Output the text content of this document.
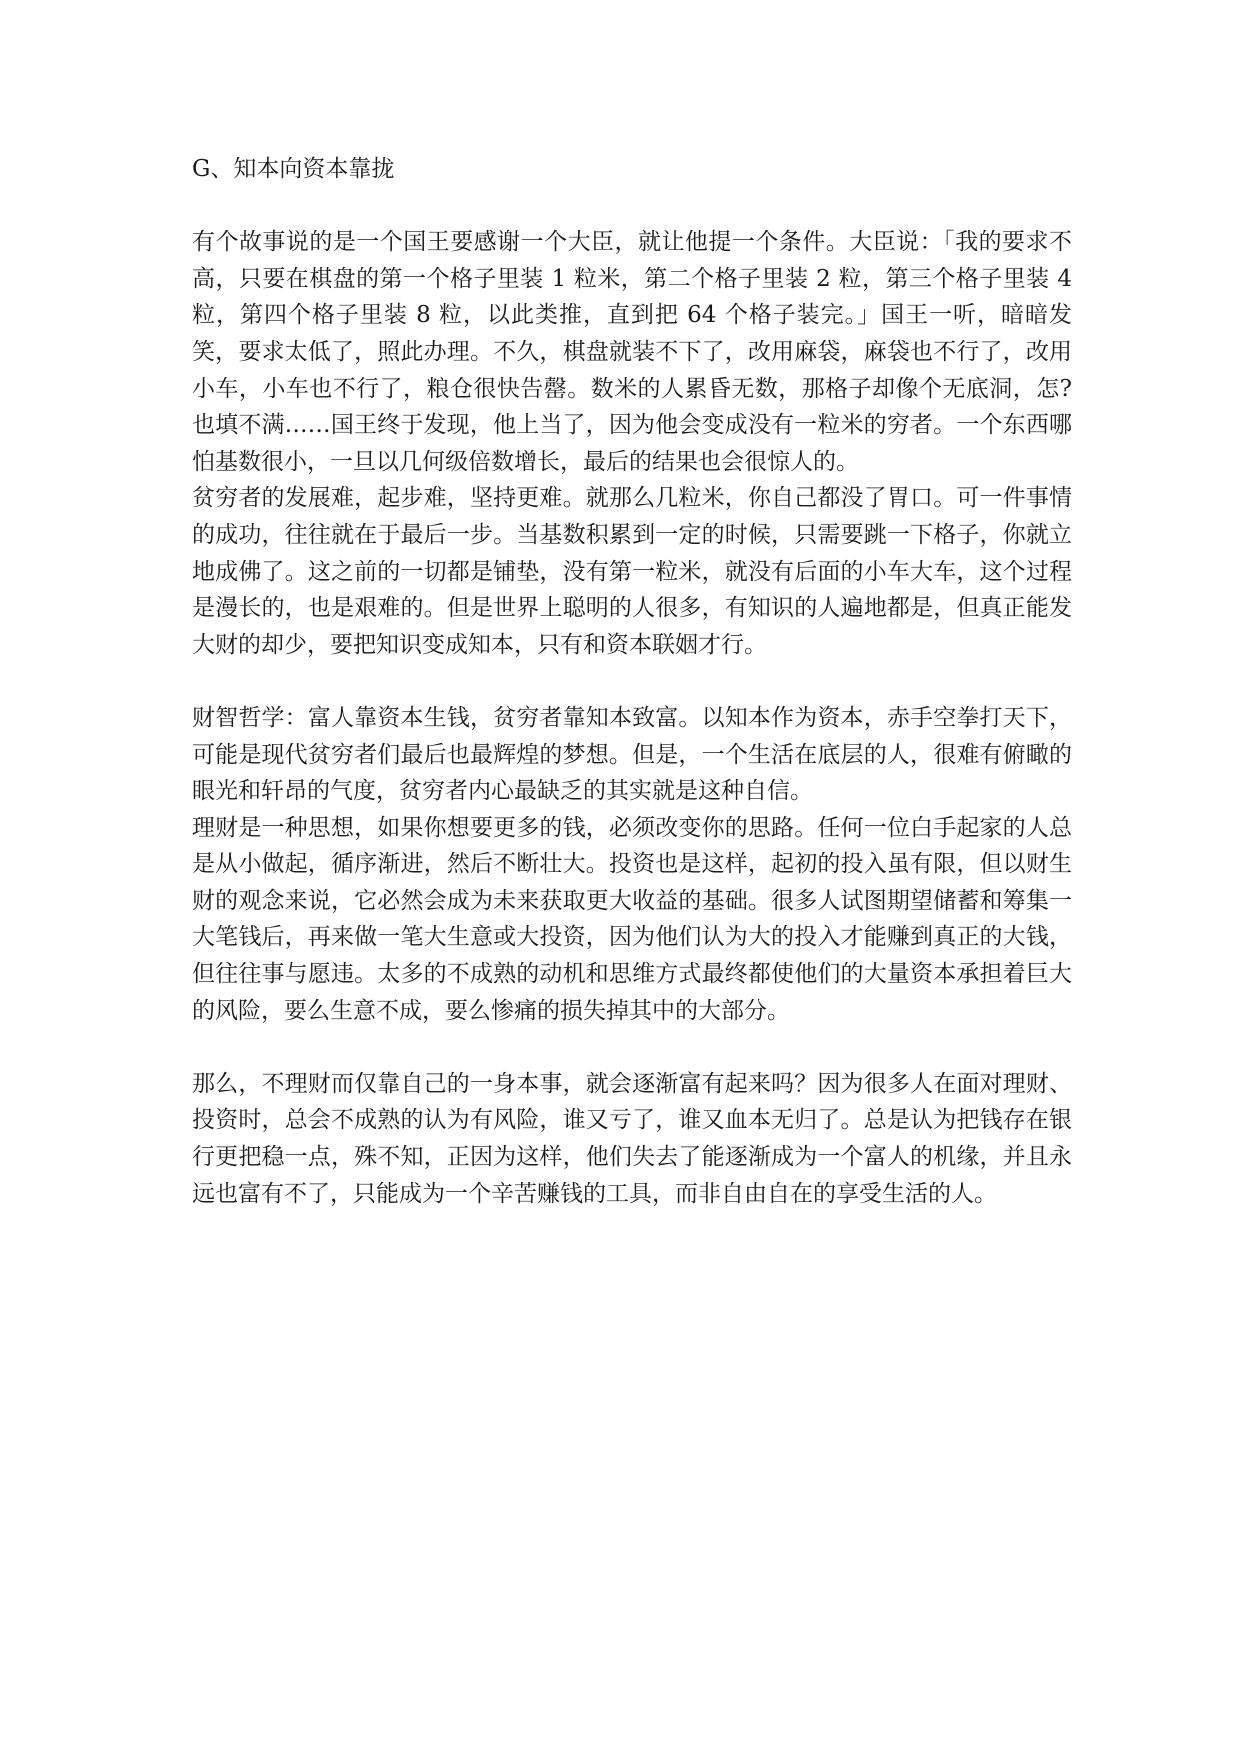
G、知本向资本靠拢

有个故事说的是一个国王要感谢一个大臣，就让他提一个条件。大臣说：「我的要求不高，只要在棋盘的第一个格子里装 1 粒米，第二个格子里装 2 粒，第三个格子里装 4 粒，第四个格子里装 8 粒，以此类推，直到把 64 个格子装完。」国王一听，暗暗发笑，要求太低了，照此办理。不久，棋盘就装不下了，改用麻袋，麻袋也不行了，改用小车，小车也不行了，粮仓很快告罄。数米的人累昏无数，那格子却像个无底洞，怎?也填不满……国王终于发现，他上当了，因为他会变成没有一粒米的穷者。一个东西哪怕基数很小，一旦以几何级倍数增长，最后的结果也会很惊人的。

贫穷者的发展难，起步难，坚持更难。就那么几粒米，你自己都没了胃口。可一件事情的成功，往往就在于最后一步。当基数积累到一定的时候，只需要跳一下格子，你就立地成佛了。这之前的一切都是铺垫，没有第一粒米，就没有后面的小车大车，这个过程是漫长的，也是艰难的。但是世界上聪明的人很多，有知识的人遍地都是，但真正能发大财的却少，要把知识变成知本，只有和资本联姻才行。

财智哲学：富人靠资本生钱，贫穷者靠知本致富。以知本作为资本，赤手空拳打天下，可能是现代贫穷者们最后也最辉煌的梦想。但是，一个生活在底层的人，很难有俯瞰的眼光和轩昂的气度，贫穷者内心最缺乏的其实就是这种自信。

理财是一种思想，如果你想要更多的钱，必须改变你的思路。任何一位白手起家的人总是从小做起，循序渐进，然后不断壮大。投资也是这样，起初的投入虽有限，但以财生财的观念来说，它必然会成为未来获取更大收益的基础。很多人试图期望储蓄和筹集一大笔钱后，再来做一笔大生意或大投资，因为他们认为大的投入才能赚到真正的大钱，但往往事与愿违。太多的不成熟的动机和思维方式最终都使他们的大量资本承担着巨大的风险，要么生意不成，要么惨痛的损失掉其中的大部分。

那么，不理财而仅靠自己的一身本事，就会逐渐富有起来吗？因为很多人在面对理财、投资时，总会不成熟的认为有风险，谁又亏了，谁又血本无归了。总是认为把钱存在银行更把稳一点，殊不知，正因为这样，他们失去了能逐渐成为一个富人的机缘，并且永远也富有不了，只能成为一个辛苦赚钱的工具，而非自由自在的享受生活的人。
